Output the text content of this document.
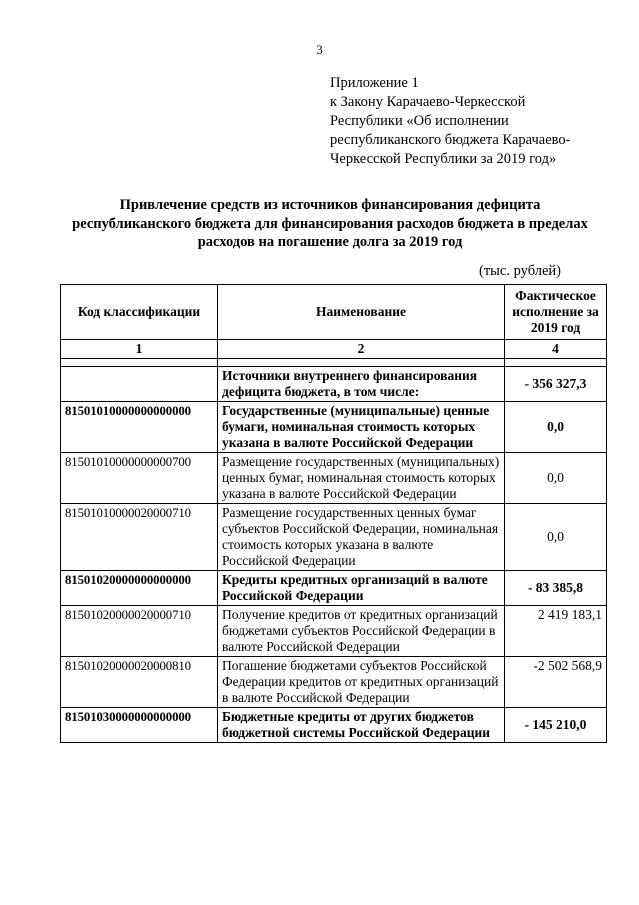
3
Приложение 1
к Закону Карачаево-Черкесской
Республики «Об исполнении
республиканского бюджета Карачаево-
Черкесской Республики за 2019 год»
Привлечение средств из источников финансирования дефицита
республиканского бюджета для финансирования расходов бюджета в пределах
расходов на погашение долга за 2019 год
(тыс. рублей)
Код классификации	Наименование	Фактическое исполнение за 2019 год
1	2	4

	Источники внутреннего финансирования дефицита бюджета, в том числе:	- 356 327,3
81501010000000000000	Государственные (муниципальные) ценные бумаги, номинальная стоимость которых указана в валюте Российской Федерации	0,0
81501010000000000700	Размещение государственных (муниципальных) ценных бумаг, номинальная стоимость которых указана в валюте Российской Федерации	0,0
81501010000020000710	Размещение государственных ценных бумаг субъектов Российской Федерации, номинальная стоимость которых указана в валюте Российской Федерации	0,0
81501020000000000000	Кредиты кредитных организаций в валюте Российской Федерации	- 83 385,8
81501020000020000710	Получение кредитов от кредитных организаций бюджетами субъектов Российской Федерации в валюте Российской Федерации	2 419 183,1
81501020000020000810	Погашение бюджетами субъектов Российской Федерации кредитов от кредитных организаций в валюте Российской Федерации	-2 502 568,9
81501030000000000000	Бюджетные кредиты от других бюджетов бюджетной системы Российской Федерации	- 145 210,0
